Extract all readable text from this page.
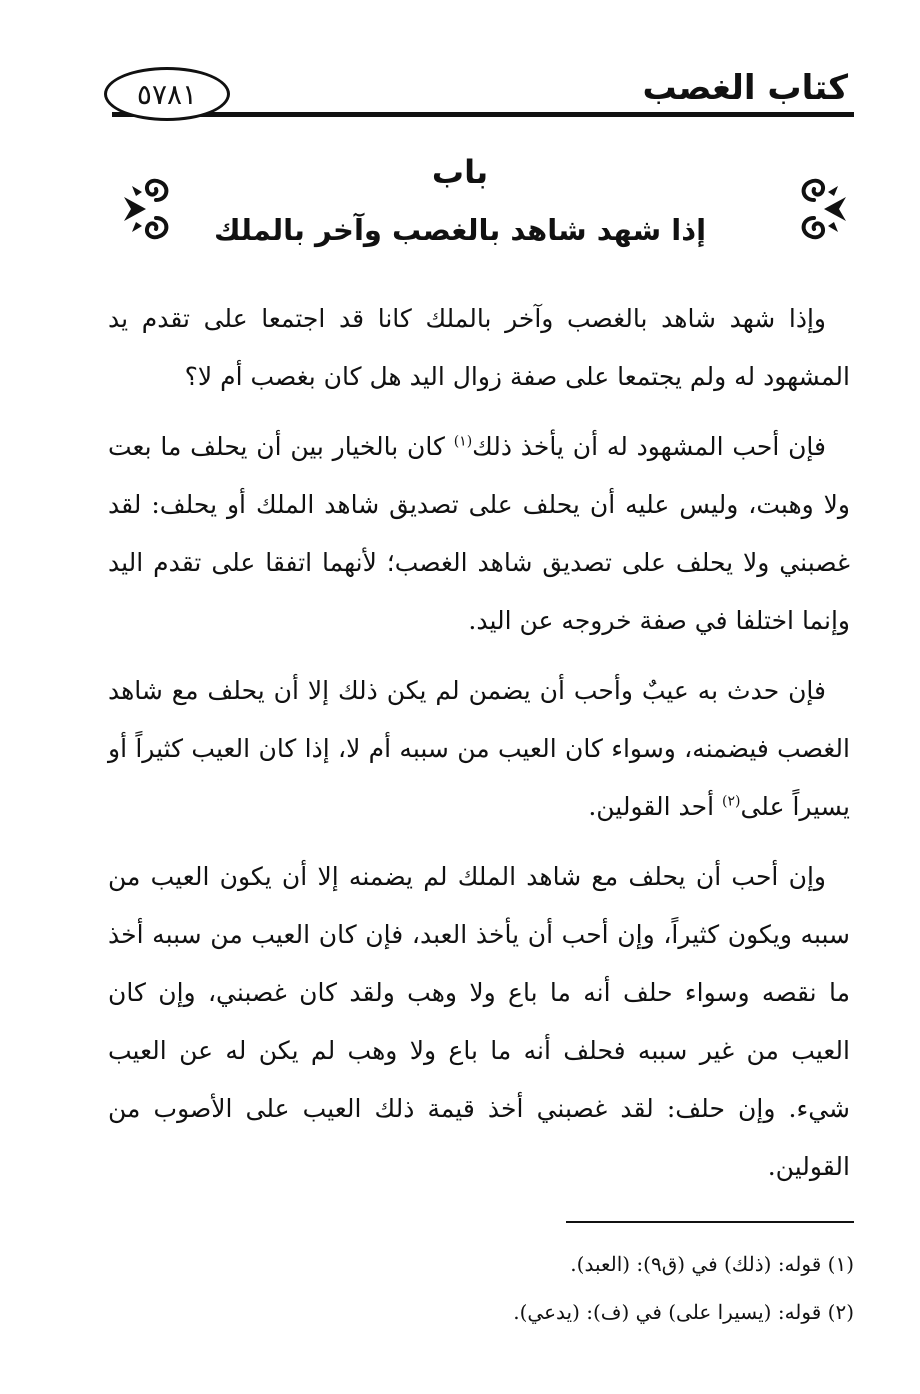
كتاب الغصب
٥٧٨١
باب
إذا شهد شاهد بالغصب وآخر بالملك

وإذا شهد شاهد بالغصب وآخر بالملك كانا قد اجتمعا على تقدم يد المشهود له ولم يجتمعا على صفة زوال اليد هل كان بغصب أم لا؟

فإن أحب المشهود له أن يأخذ ذلك$^{(١)}$ كان بالخيار بين أن يحلف ما بعت ولا وهبت، وليس عليه أن يحلف على تصديق شاهد الملك أو يحلف: لقد غصبني ولا يحلف على تصديق شاهد الغصب؛ لأنهما اتفقا على تقدم اليد وإنما اختلفا في صفة خروجه عن اليد.

فإن حدث به عيبٌ وأحب أن يضمن لم يكن ذلك إلا أن يحلف مع شاهد الغصب فيضمنه، وسواء كان العيب من سببه أم لا، إذا كان العيب كثيراً أو يسيراً على$^{(٢)}$ أحد القولين.

وإن أحب أن يحلف مع شاهد الملك لم يضمنه إلا أن يكون العيب من سببه ويكون كثيراً، وإن أحب أن يأخذ العبد، فإن كان العيب من سببه أخذ ما نقصه وسواء حلف أنه ما باع ولا وهب ولقد كان غصبني، وإن كان العيب من غير سببه فحلف أنه ما باع ولا وهب لم يكن له عن العيب شيء. وإن حلف: لقد غصبني أخذ قيمة ذلك العيب على الأصوب من القولين.

(١) قوله: (ذلك) في (ق٩): (العبد).
(٢) قوله: (يسيرا على) في (ف): (يدعي).
